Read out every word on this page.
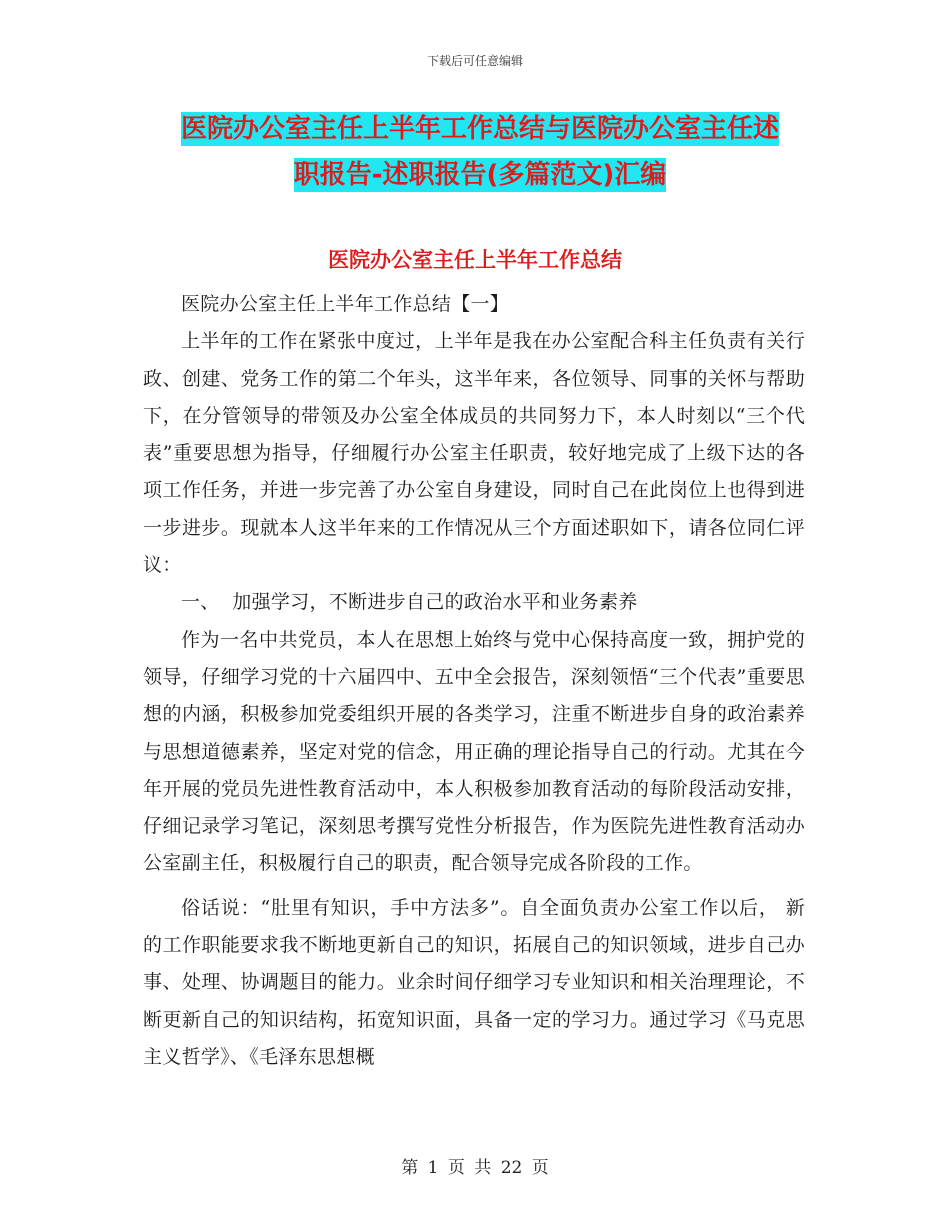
下载后可任意编辑
医院办公室主任上半年工作总结与医院办公室主任述
职报告-述职报告(多篇范文)汇编
医院办公室主任上半年工作总结

医院办公室主任上半年工作总结【一】

上半年的工作在紧张中度过，上半年是我在办公室配合科主任负责有关行政、创建、党务工作的第二个年头，这半年来，各位领导、同事的关怀与帮助下，在分管领导的带领及办公室全体成员的共同努力下，本人时刻以“三个代表”重要思想为指导，仔细履行办公室主任职责，较好地完成了上级下达的各项工作任务，并进一步完善了办公室自身建设，同时自己在此岗位上也得到进一步进步。现就本人这半年来的工作情况从三个方面述职如下，请各位同仁评议：

一、  加强学习，不断进步自己的政治水平和业务素养

作为一名中共党员，本人在思想上始终与党中心保持高度一致，拥护党的领导，仔细学习党的十六届四中、五中全会报告，深刻领悟“三个代表”重要思想的内涵，积极参加党委组织开展的各类学习，注重不断进步自身的政治素养与思想道德素养，坚定对党的信念，用正确的理论指导自己的行动。尤其在今年开展的党员先进性教育活动中，本人积极参加教育活动的每阶段活动安排，仔细记录学习笔记，深刻思考撰写党性分析报告，作为医院先进性教育活动办公室副主任，积极履行自己的职责，配合领导完成各阶段的工作。

俗话说：“肚里有知识，手中方法多”。自全面负责办公室工作以后， 新的工作职能要求我不断地更新自己的知识，拓展自己的知识领域，进步自己办事、处理、协调题目的能力。业余时间仔细学习专业知识和相关治理理论，不断更新自己的知识结构，拓宽知识面，具备一定的学习力。通过学习《马克思主义哲学》、《毛泽东思想概

第 1 页 共 22 页
